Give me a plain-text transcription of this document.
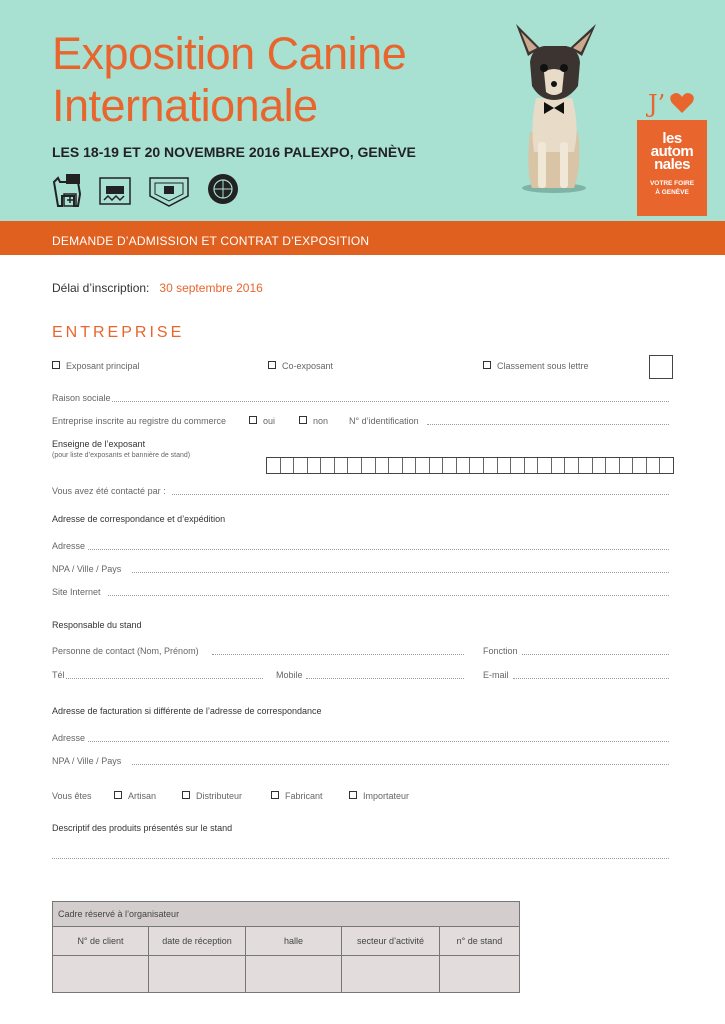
Exposition Canine
Internationale
LES 18-19 ET 20 NOVEMBRE 2016 PALEXPO, GENÈVE
J’
les
autom
nales
VOTRE FOIRE
À GENÈVE
DEMANDE D’ADMISSION ET CONTRAT D’EXPOSITION
Délai d’inscription: 30 septembre 2016
ENTREPRISE
Exposant principal	Co-exposant	Classement sous lettre
Raison sociale
Entreprise inscrite au registre du commerce	oui	non N° d’identification
Enseigne de l’exposant
(pour liste d’exposants et bannière de stand)
Vous avez été contacté par :
Adresse de correspondance et d’expédition
Adresse
NPA / Ville / Pays
Site Internet
Responsable du stand
Personne de contact (Nom, Prénom)	Fonction
Tél	Mobile	E-mail
Adresse de facturation si différente de l’adresse de correspondance
Adresse
NPA / Ville / Pays
Vous êtes	Artisan	Distributeur	Fabricant	Importateur
Descriptif des produits présentés sur le stand
Cadre réservé à l’organisateur				
N° de client	date de réception	halle	secteur d’activité	n° de stand
